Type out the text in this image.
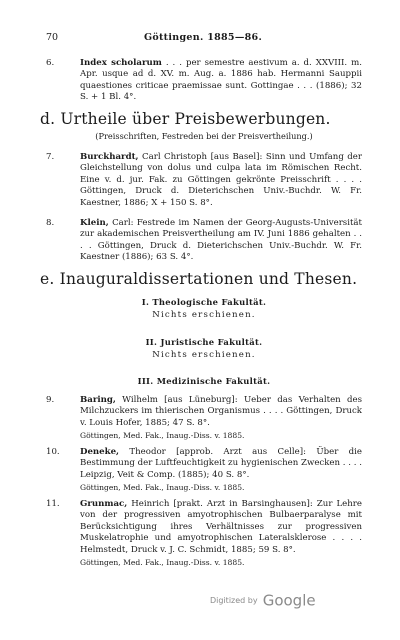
70	Göttingen. 1885—86.
6.	Index scholarum . . . per semestre aestivum a. d. XXVIII. m. Apr. usque ad d. XV. m. Aug. a. 1886 hab. Hermanni Sauppii quaestiones criticae praemissae sunt. Gottingae . . . (1886); 32 S. + 1 Bl. 4°.
d. Urtheile über Preisbewerbungen.
(Preisschriften, Festreden bei der Preisvertheilung.)
7.	Burckhardt, Carl Christoph [aus Basel]: Sinn und Umfang der Gleichstellung von dolus und culpa lata im Römischen Recht. Eine v. d. jur. Fak. zu Göttingen gekrönte Preisschrift . . . . Göttingen, Druck d. Dieterichschen Univ.-Buchdr. W. Fr. Kaestner, 1886; X + 150 S. 8°.
8.	Klein, Carl: Festrede im Namen der Georg-Augusts-Universität zur akademischen Preisvertheilung am IV. Juni 1886 gehalten . . . . Göttingen, Druck d. Dieterichschen Univ.-Buchdr. W. Fr. Kaestner (1886); 63 S. 4°.
e. Inauguraldissertationen und Thesen.
I. Theologische Fakultät.
Nichts erschienen.
II. Juristische Fakultät.
Nichts erschienen.
III. Medizinische Fakultät.
9.	Baring, Wilhelm [aus Lüneburg]: Ueber das Verhalten des Milchzuckers im thierischen Organismus . . . . Göttingen, Druck v. Louis Hofer, 1885; 47 S. 8°.
Göttingen, Med. Fak., Inaug.-Diss. v. 1885.
10. Deneke, Theodor [approb. Arzt aus Celle]: Über die Bestimmung der Luftfeuchtigkeit zu hygienischen Zwecken . . . . Leipzig, Veit & Comp. (1885); 40 S. 8°.
Göttingen, Med. Fak., Inaug.-Diss. v. 1885.
11. Grunmac, Heinrich [prakt. Arzt in Barsinghausen]: Zur Lehre von der progressiven amyotrophischen Bulbaerparalyse mit Berücksichtigung ihres Verhältnisses zur progressiven Muskelatrophie und amyotrophischen Lateralsklerose . . . . Helmstedt, Druck v. J. C. Schmidt, 1885; 59 S. 8°.
Göttingen, Med. Fak., Inaug.-Diss. v. 1885.
Digitized by Google
